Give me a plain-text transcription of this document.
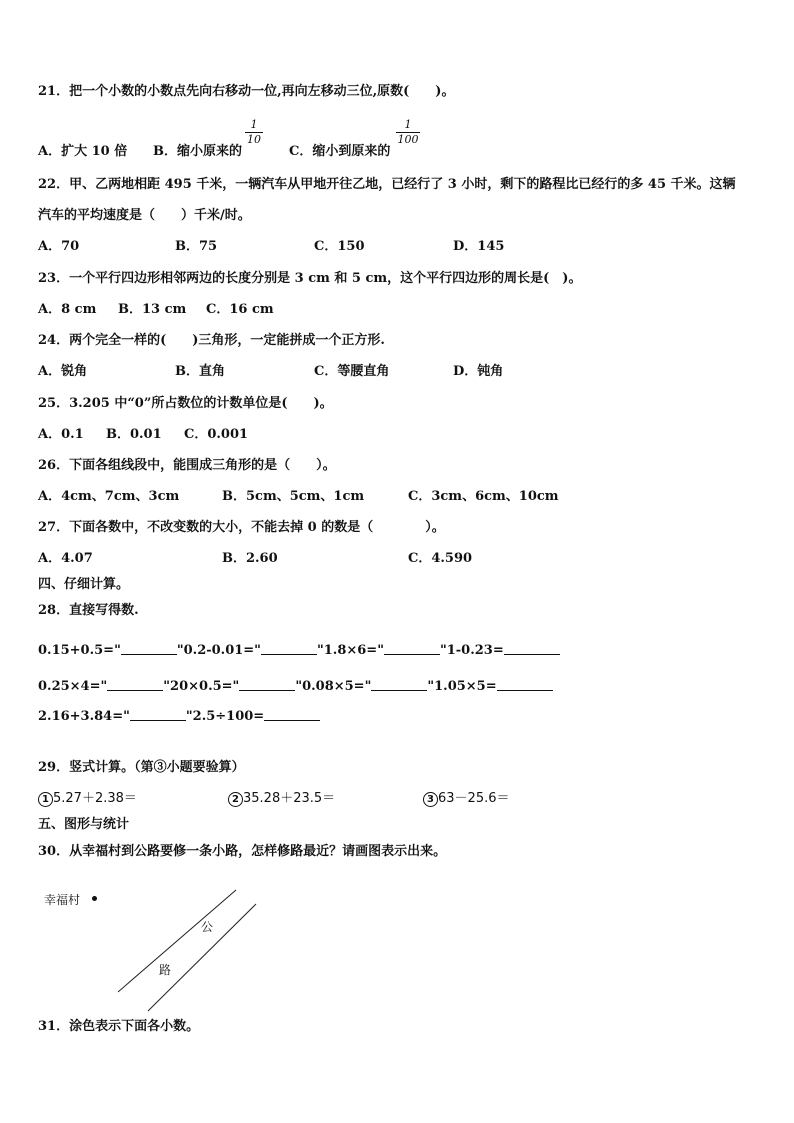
21．把一个小数的小数点先向右移动一位,再向左移动三位,原数(　　)。
A．扩大 10 倍 B．缩小原来的
1
10
C．缩小到原来的
1
100
22．甲、乙两地相距 495 千米，一辆汽车从甲地开往乙地，已经行了 3 小时，剩下的路程比已经行的多 45 千米。这辆
汽车的平均速度是（　　）千米/时。
A．70	B．75	C．150	D．145
23．一个平行四边形相邻两边的长度分别是 3 cm 和 5 cm，这个平行四边形的周长是(　)。
A．8 cm B．13 cm C．16 cm
24．两个完全一样的(　　)三角形，一定能拼成一个正方形.
A．锐角	B．直角	C．等腰直角	D．钝角
25．3.205 中“0”所占数位的计数单位是(　　)。
A．0.1 B．0.01 C．0.001
26．下面各组线段中，能围成三角形的是（　　）。
A．4cm、7cm、3cm	B．5cm、5cm、1cm	C．3cm、6cm、10cm
27．下面各数中，不改变数的大小，不能去掉 0 的数是（　　　　）。
A．4.07	B．2.60	C．4.590
四、仔细计算。
28．直接写得数.
0.15+0.5="	"0.2-0.01="	"1.8×6="	"1-0.23=
0.25×4="	"20×0.5="	"0.08×5="	"1.05×5=
2.16+3.84="	"2.5÷100=
29．竖式计算。（第③小题要验算）
1 5.27＋2.38＝	2 35.28＋23.5＝	3 63－25.6＝
五、图形与统计
30．从幸福村到公路要修一条小路，怎样修路最近？请画图表示出来。
幸福村
公
路
31．涂色表示下面各小数。
